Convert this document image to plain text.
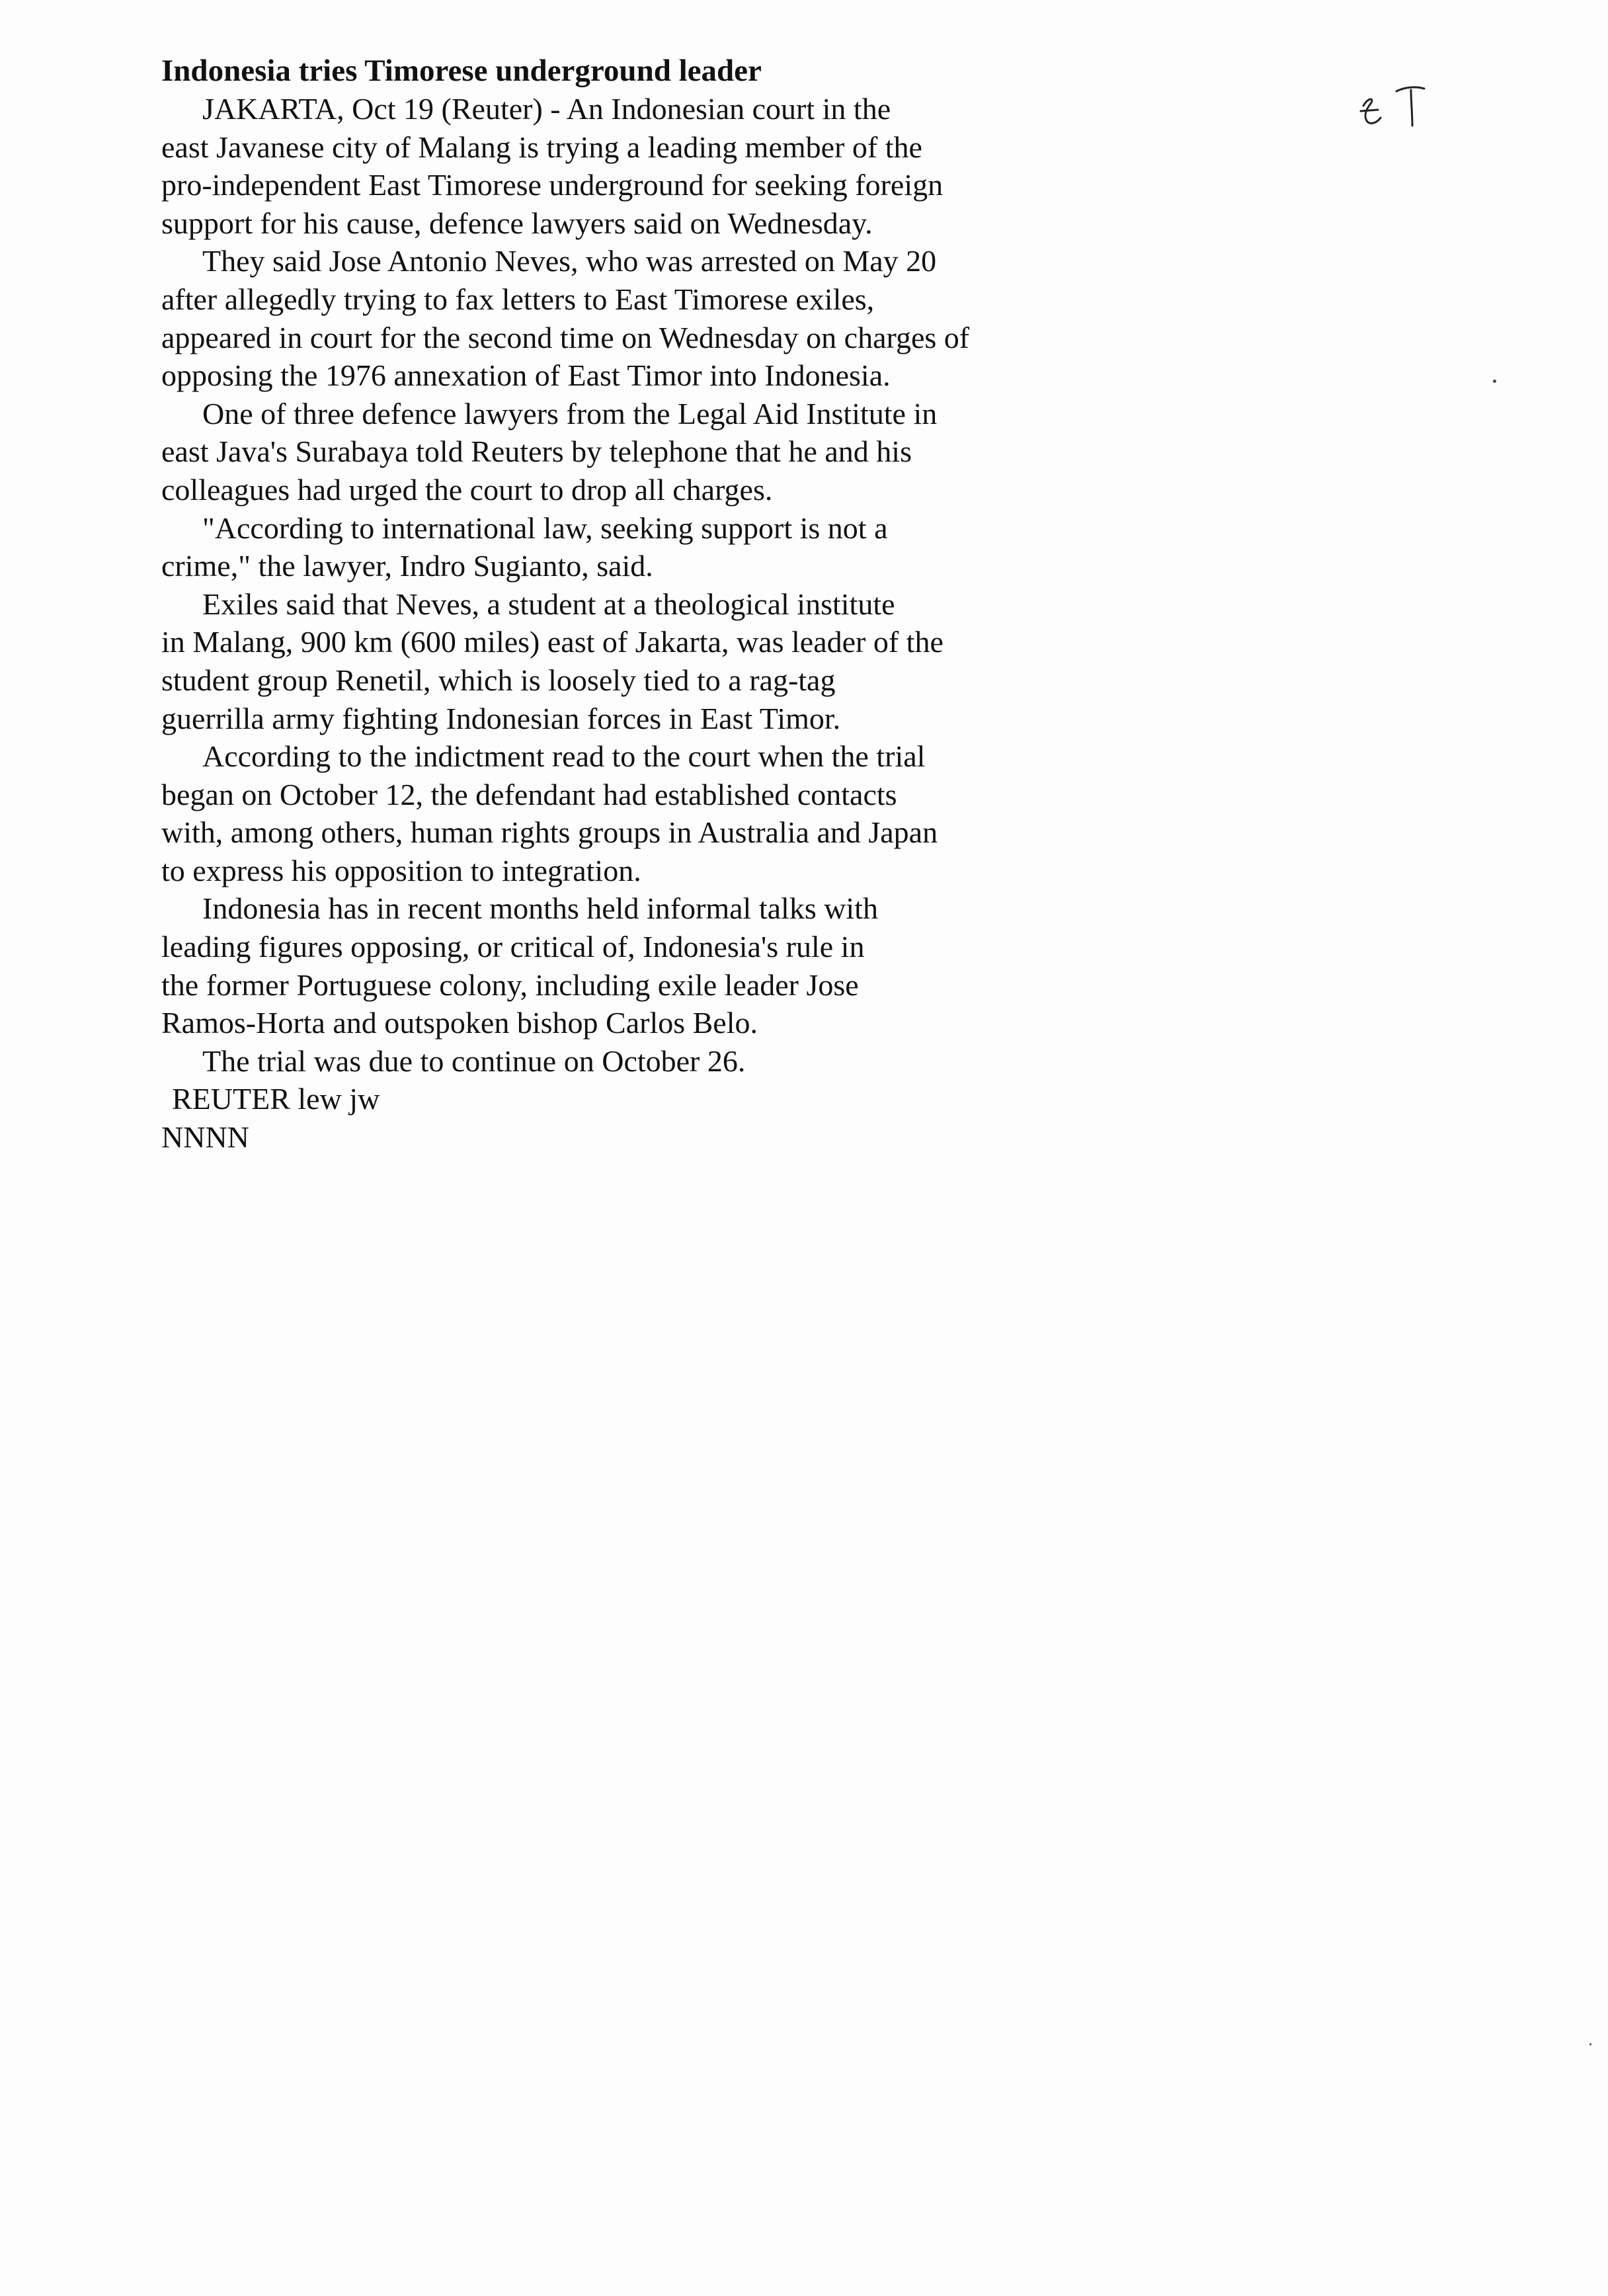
Indonesia tries Timorese underground leader
JAKARTA, Oct 19 (Reuter) - An Indonesian court in the
east Javanese city of Malang is trying a leading member of the
pro-independent East Timorese underground for seeking foreign
support for his cause, defence lawyers said on Wednesday.
They said Jose Antonio Neves, who was arrested on May 20
after allegedly trying to fax letters to East Timorese exiles,
appeared in court for the second time on Wednesday on charges of
opposing the 1976 annexation of East Timor into Indonesia.
One of three defence lawyers from the Legal Aid Institute in
east Java's Surabaya told Reuters by telephone that he and his
colleagues had urged the court to drop all charges.
"According to international law, seeking support is not a
crime," the lawyer, Indro Sugianto, said.
Exiles said that Neves, a student at a theological institute
in Malang, 900 km (600 miles) east of Jakarta, was leader of the
student group Renetil, which is loosely tied to a rag-tag
guerrilla army fighting Indonesian forces in East Timor.
According to the indictment read to the court when the trial
began on October 12, the defendant had established contacts
with, among others, human rights groups in Australia and Japan
to express his opposition to integration.
Indonesia has in recent months held informal talks with
leading figures opposing, or critical of, Indonesia's rule in
the former Portuguese colony, including exile leader Jose
Ramos-Horta and outspoken bishop Carlos Belo.
The trial was due to continue on October 26.
REUTER lew jw
NNNN
